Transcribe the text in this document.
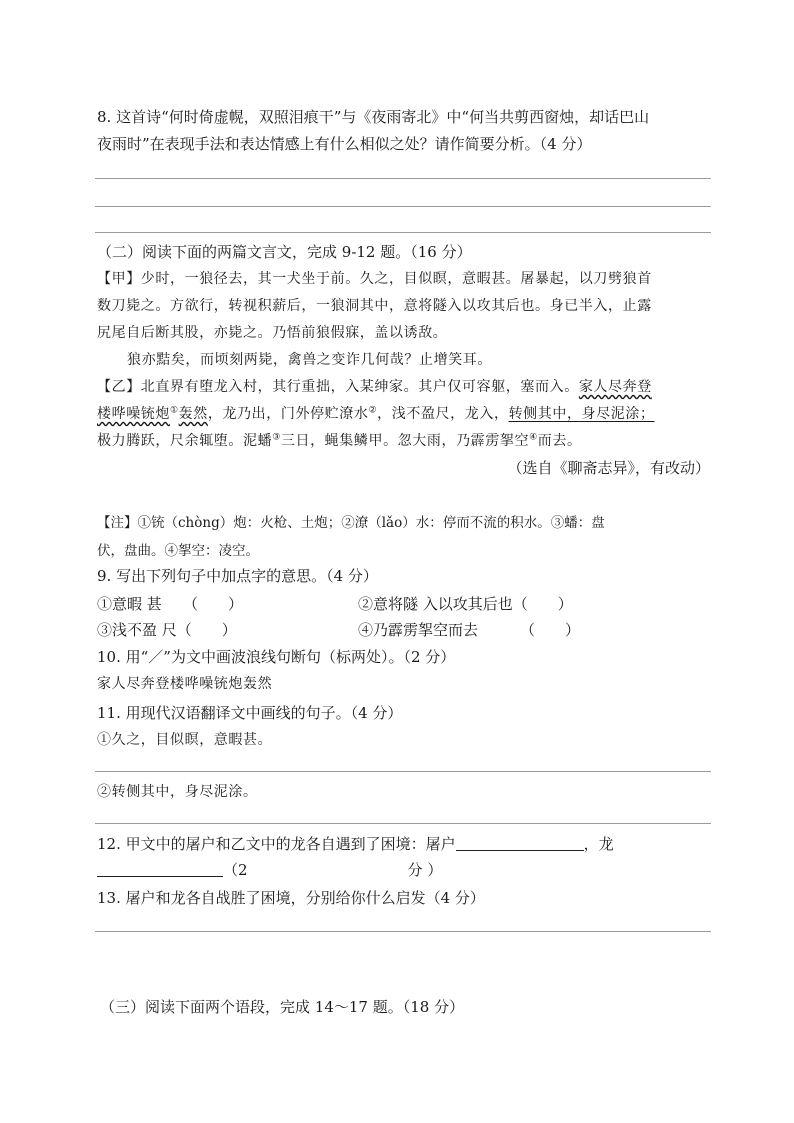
8. 这首诗“何时倚虚幌，双照泪痕干”与《夜雨寄北》中“何当共剪西窗烛，却话巴山
夜雨时”在表现手法和表达情感上有什么相似之处？请作简要分析。（4 分）
（二）阅读下面的两篇文言文，完成 9-12 题。（16 分）
【甲】少时，一狼径去，其一犬坐于前。久之，目似瞑，意暇甚。屠暴起，以刀劈狼首
数刀毙之。方欲行，转视积薪后，一狼洞其中，意将隧入以攻其后也。身已半入，止露
尻尾自后断其股，亦毙之。乃悟前狼假寐，盖以诱敌。
狼亦黠矣，而顷刻两毙，禽兽之变诈几何哉？止增笑耳。
【乙】北直界有堕龙入村，其行重拙，入某绅家。其户仅可容躯，塞而入。家人尽奔登
楼哗噪铳炮①轰然，龙乃出，门外停贮潦水②，浅不盈尺，龙入，转侧其中，身尽泥涂；
极力腾跃，尺余辄堕。泥蟠③三日，蝇集鳞甲。忽大雨，乃霹雳挐空④而去。
（选自《聊斋志异》，有改动）
【注】①铳（chòng）炮：火枪、土炮；②潦（lǎo）水：停而不流的积水。③蟠：盘
伏，盘曲。④挐空：凌空。
9. 写出下列句子中加点字的意思。（4 分）
①意暇 甚 （　　）	②意将隧 入以攻其后也（　　）
③浅不盈 尺（　　）	④乃霹雳挐空而去	（　　）
10. 用“／”为文中画波浪线句断句（标两处）。（2 分）
家人尽奔登楼哗噪铳炮轰然
11. 用现代汉语翻译文中画线的句子。（4 分）
①久之，目似瞑，意暇甚。
②转侧其中，身尽泥涂。
12. 甲文中的屠户和乙文中的龙各自遇到了困境：屠户	，龙
（2	分 ）
13. 屠户和龙各自战胜了困境，分别给你什么启发（4 分）
（三）阅读下面两个语段，完成 14～17 题。（18 分）
